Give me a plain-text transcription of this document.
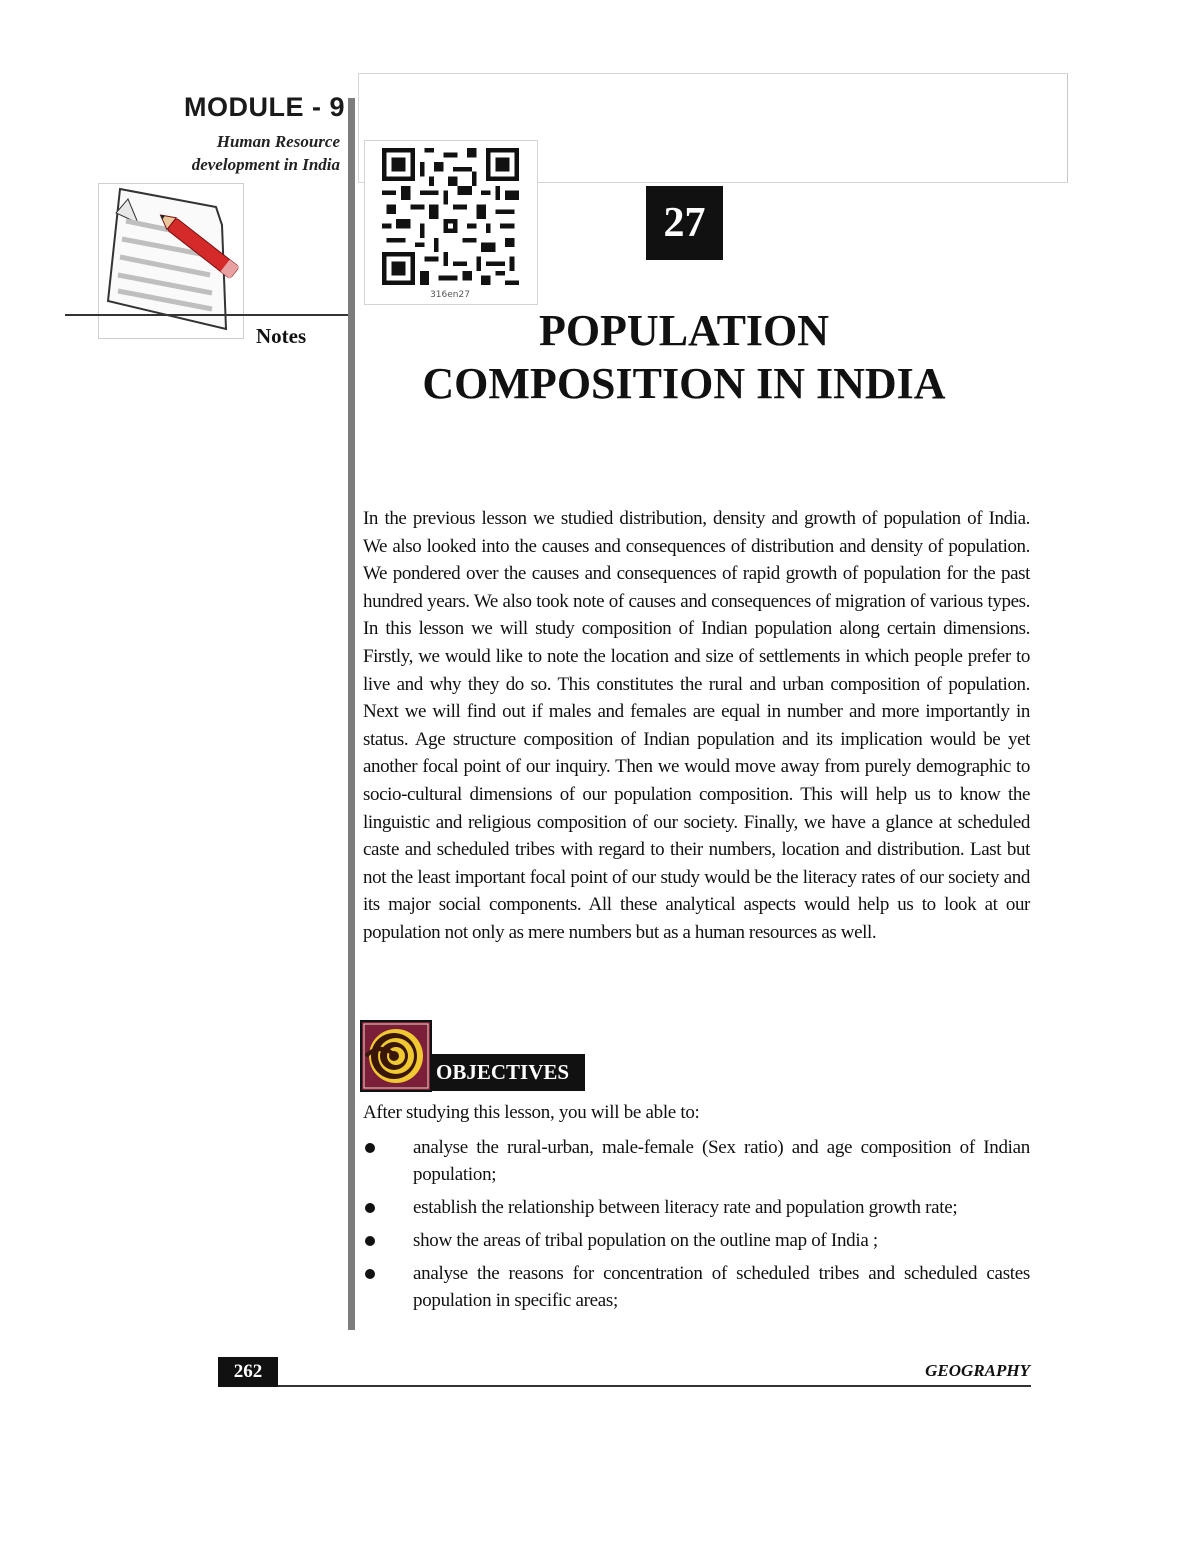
MODULE - 9
Human Resource
development in India
Notes
316en27
27
POPULATION
COMPOSITION IN INDIA
In the previous lesson we studied distribution, density and growth of population of India. We also looked into the causes and consequences of distribution and density of population. We pondered over the causes and consequences of rapid growth of population for the past hundred years. We also took note of causes and consequences of migration of various types. In this lesson we will study composition of Indian population along certain dimensions. Firstly, we would like to note the location and size of settlements in which people prefer to live and why they do so. This constitutes the rural and urban composition of population. Next we will find out if males and females are equal in number and more importantly in status. Age structure composition of Indian population and its implication would be yet another focal point of our inquiry. Then we would move away from purely demographic to socio-cultural dimensions of our population composition. This will help us to know the linguistic and religious composition of our society. Finally, we have a glance at scheduled caste and scheduled tribes with regard to their numbers, location and distribution. Last but not the least important focal point of our study would be the literacy rates of our society and its major social components. All these analytical aspects would help us to look at our population not only as mere numbers but as a human resources as well.
OBJECTIVES
After studying this lesson, you will be able to:
analyse the rural-urban, male-female (Sex ratio) and age composition of Indian population;
establish the relationship between literacy rate and population growth rate;
show the areas of tribal population on the outline map of India ;
analyse the reasons for concentration of scheduled tribes and scheduled castes population in specific areas;
262	GEOGRAPHY
